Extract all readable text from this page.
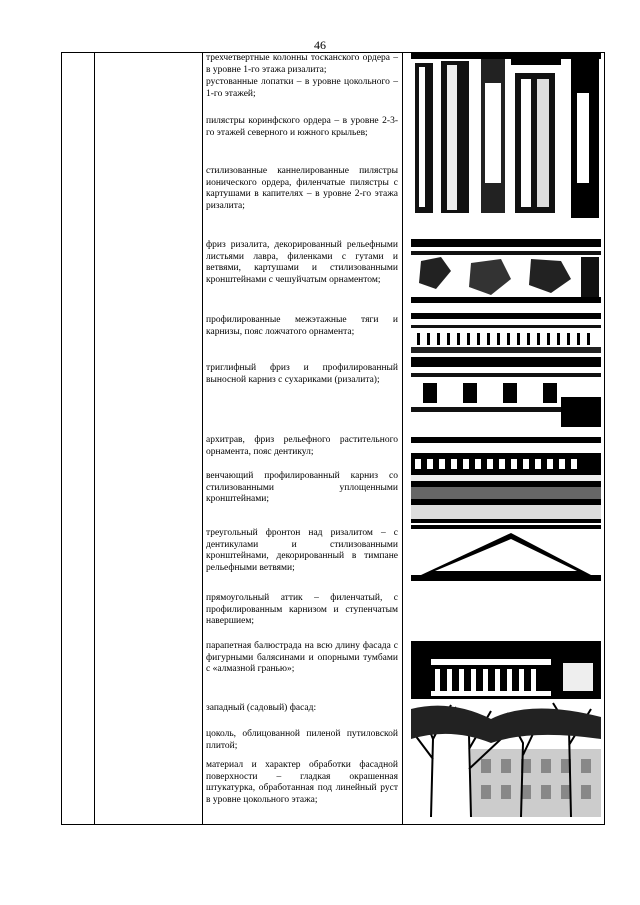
46
трехчетвертные колонны тосканского ордера – в уровне 1-го этажа ризалита;
рустованные лопатки – в уровне цокольного – 1-го этажей;
пилястры коринфского ордера – в уровне 2-3-го этажей северного и южного крыльев;
стилизованные каннелированные пилястры ионического ордера, филенчатые пилястры с картушами в капителях – в уровне 2-го этажа ризалита;
фриз ризалита, декорированный рельефными листьями лавра, филенками с гутами и ветвями, картушами и стилизованными кронштейнами с чешуйчатым орнаментом;
профилированные межэтажные тяги и карнизы, пояс ложчатого орнамента;
триглифный фриз и профилированный выносной карниз с сухариками (ризалита);
архитрав, фриз рельефного растительного орнамента, пояс дентикул;
венчающий профилированный карниз со стилизованными уплощенными кронштейнами;
треугольный фронтон над ризалитом – с дентикулами и стилизованными кронштейнами, декорированный в тимпане рельефными ветвями;
прямоугольный аттик – филенчатый, с профилированным карнизом и ступенчатым навершием;
парапетная балюстрада на всю длину фасада с фигурными балясинами и опорными тумбами с «алмазной гранью»;
западный (садовый) фасад:
цоколь, облицованной пиленой путиловской плитой;
материал и характер обработки фасадной поверхности – гладкая окрашенная штукатурка, обработанная под линейный руст в уровне цокольного этажа;
